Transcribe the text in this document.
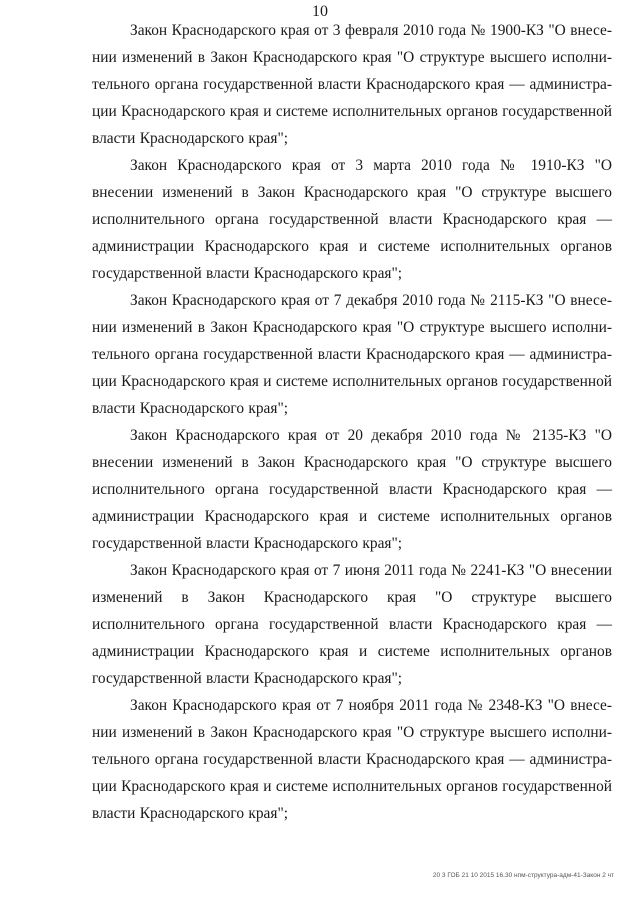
10

Закон Краснодарского края от 3 февраля 2010 года № 1900-КЗ "О внесении изменений в Закон Краснодарского края "О структуре высшего исполнительного органа государственной власти Краснодарского края — администрации Краснодарского края и системе исполнительных органов государственной власти Краснодарского края";

Закон Краснодарского края от 3 марта 2010 года № 1910-КЗ "О внесении изменений в Закон Краснодарского края "О структуре высшего исполнительного органа государственной власти Краснодарского края — администрации Краснодарского края и системе исполнительных органов государственной власти Краснодарского края";

Закон Краснодарского края от 7 декабря 2010 года № 2115-КЗ "О внесении изменений в Закон Краснодарского края "О структуре высшего исполнительного органа государственной власти Краснодарского края — администрации Краснодарского края и системе исполнительных органов государственной власти Краснодарского края";

Закон Краснодарского края от 20 декабря 2010 года № 2135-КЗ "О внесении изменений в Закон Краснодарского края "О структуре высшего исполнительного органа государственной власти Краснодарского края — администрации Краснодарского края и системе исполнительных органов государственной власти Краснодарского края";

Закон Краснодарского края от 7 июня 2011 года № 2241-КЗ "О внесении изменений в Закон Краснодарского края "О структуре высшего исполнительного органа государственной власти Краснодарского края — администрации Краснодарского края и системе исполнительных органов государственной власти Краснодарского края";

Закон Краснодарского края от 7 ноября 2011 года № 2348-КЗ "О внесении изменений в Закон Краснодарского края "О структуре высшего исполнительного органа государственной власти Краснодарского края — администрации Краснодарского края и системе исполнительных органов государственной власти Краснодарского края";

20 3 ГОБ 21 10 2015 16.30 нпм-структура-адм-41-Закон 2 чт
